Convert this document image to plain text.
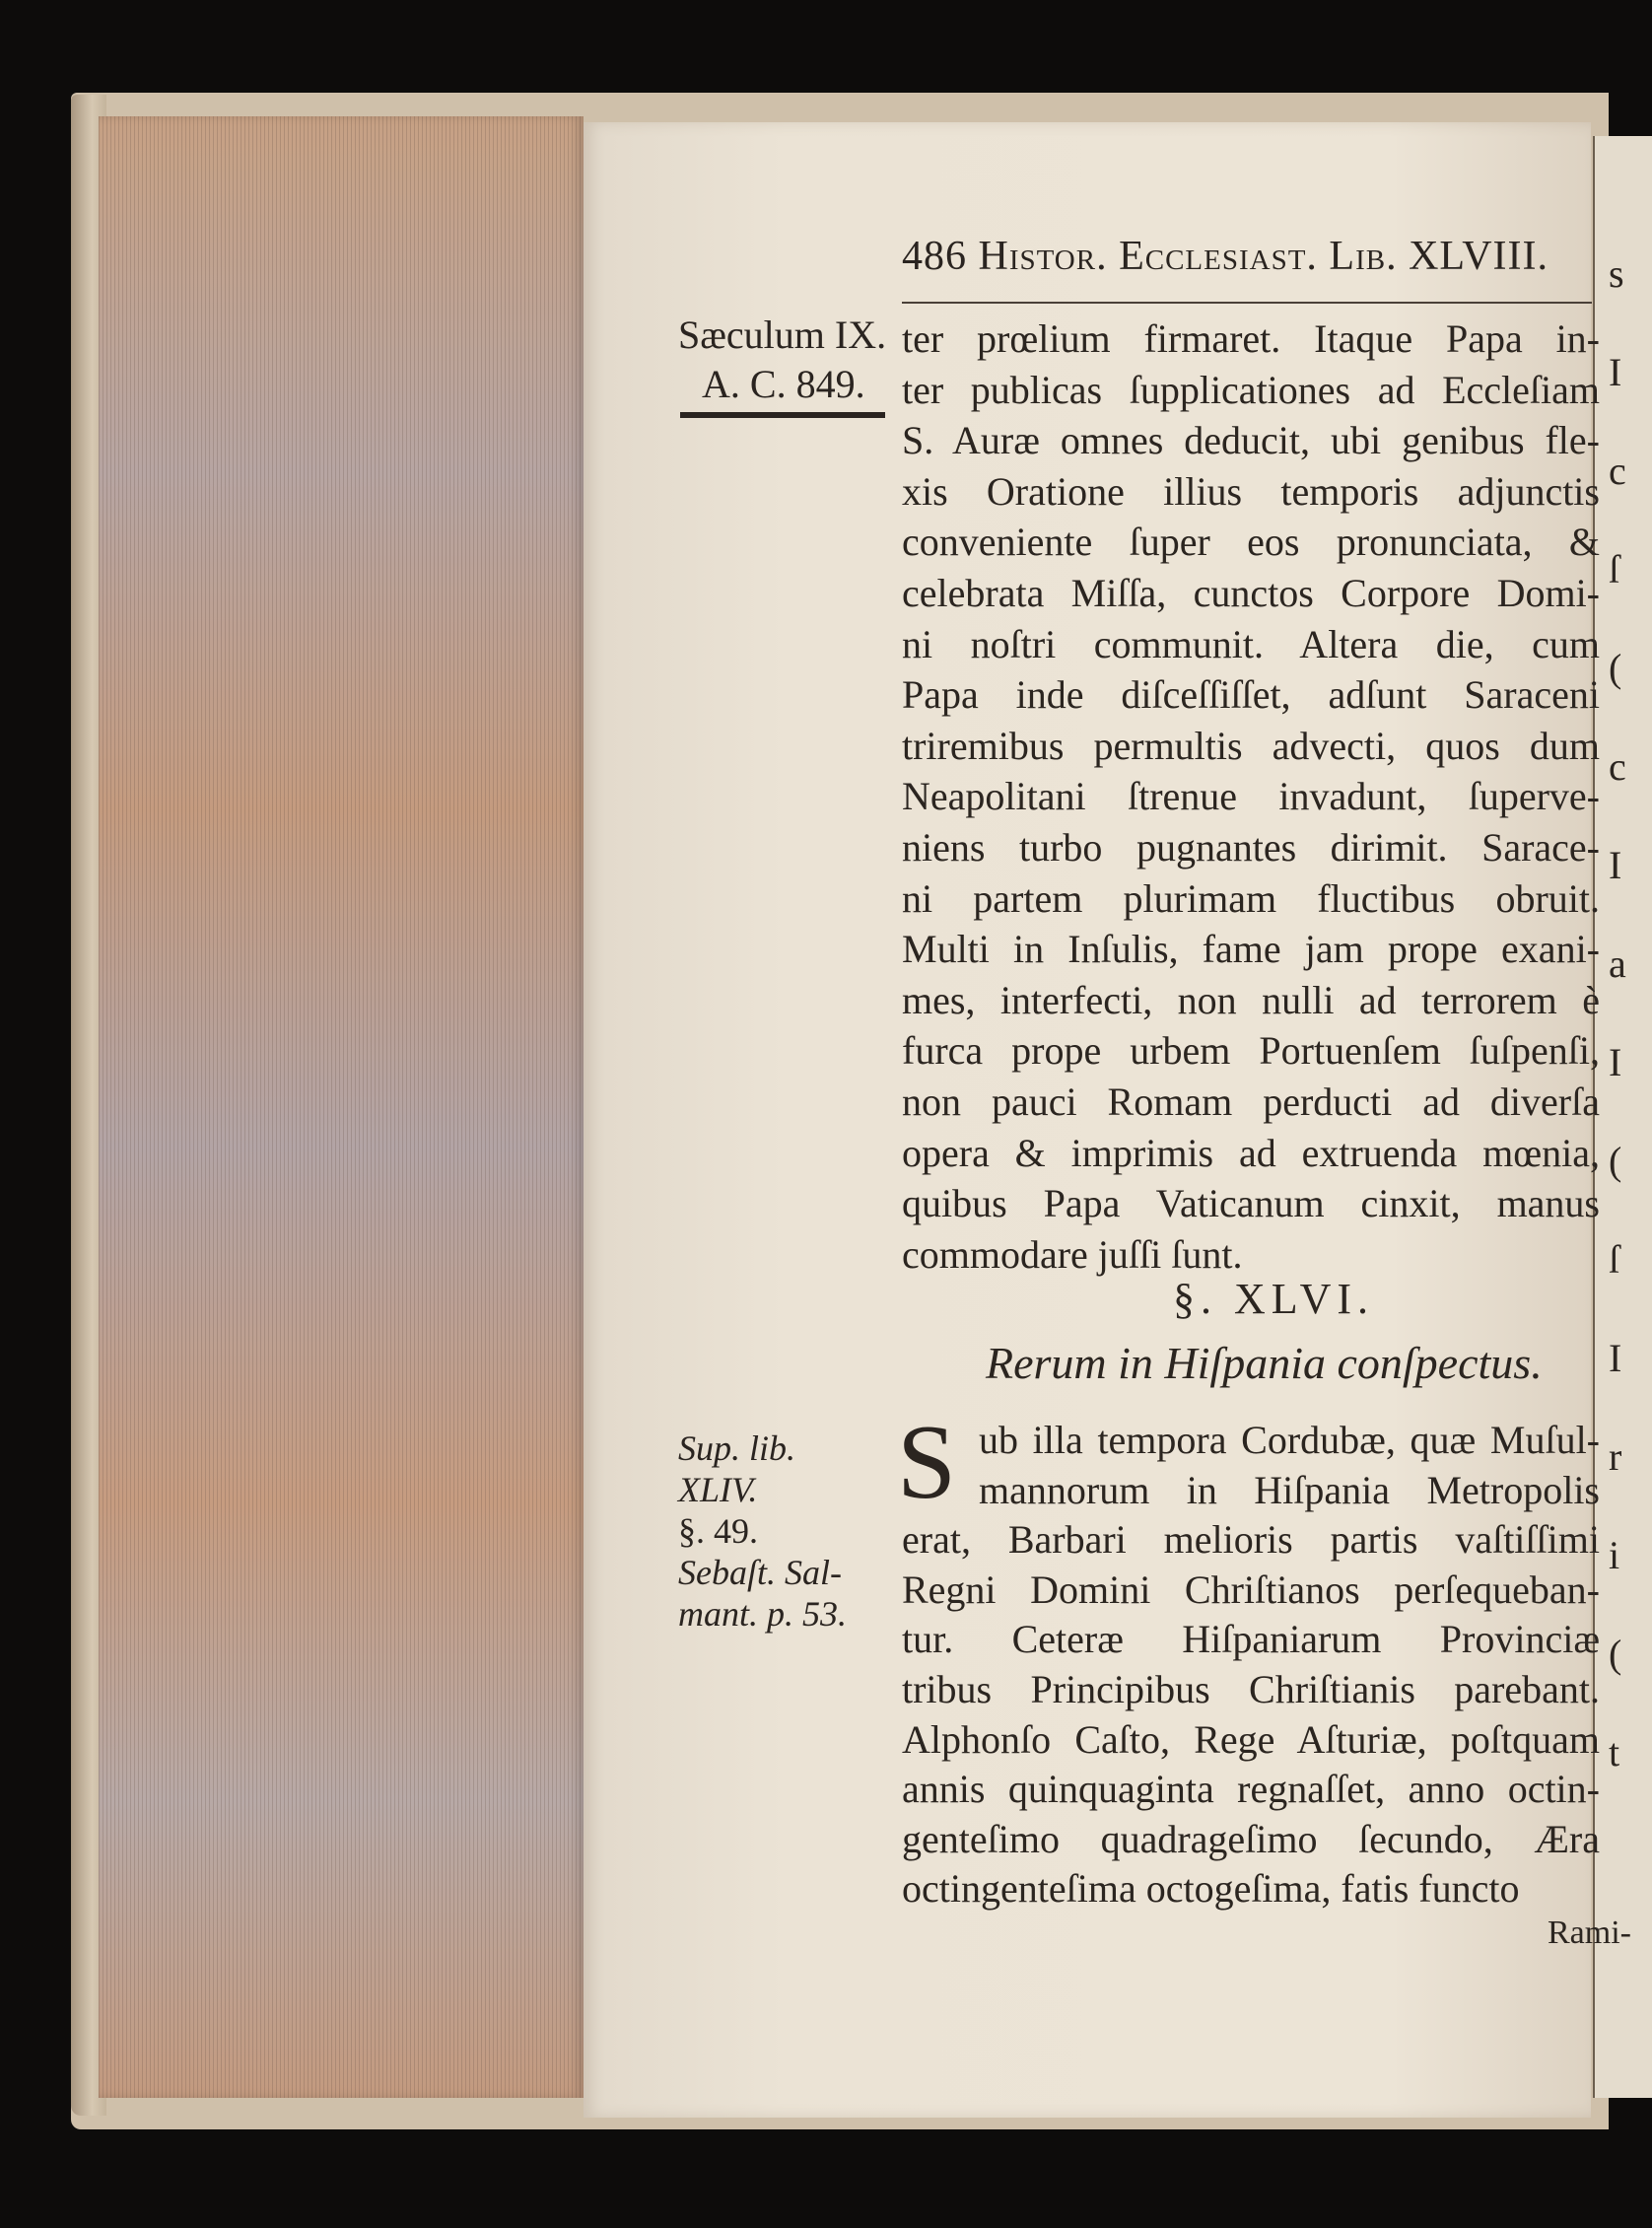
s
I
c
ſ
(
c
I
a
I
(
ſ
I
r
i
(
t
486 Histor. Ecclesiast. Lib. XLVIII.
Sæculum IX.
A. C. 849.
ter prœlium firmaret. Itaque Papa in-
ter publicas ſupplicationes ad Eccleſiam
S. Auræ omnes deducit, ubi genibus fle-
xis Oratione illius temporis adjunctis
conveniente ſuper eos pronunciata, &
celebrata Miſſa, cunctos Corpore Domi-
ni noſtri communit. Altera die, cum
Papa inde diſceſſiſſet, adſunt Saraceni
triremibus permultis advecti, quos dum
Neapolitani ſtrenue invadunt, ſuperve-
niens turbo pugnantes dirimit. Sarace-
ni partem plurimam fluctibus obruit.
Multi in Inſulis, fame jam prope exani-
mes, interfecti, non nulli ad terrorem è
furca prope urbem Portuenſem ſuſpenſi,
non pauci Romam perducti ad diverſa
opera & imprimis ad extruenda mœnia,
quibus Papa Vaticanum cinxit, manus
commodare juſſi ſunt.
§. XLVI.
Rerum in Hiſpania conſpectus.
Sup. lib.
XLIV.
§. 49.
Sebaſt. Sal-
mant. p. 53.
S ub illa tempora Cordubæ, quæ Muſul-
mannorum in Hiſpania Metropolis
erat, Barbari melioris partis vaſtiſſimi
Regni Domini Chriſtianos perſequeban-
tur. Ceteræ Hiſpaniarum Provinciæ
tribus Principibus Chriſtianis parebant.
Alphonſo Caſto, Rege Aſturiæ, poſtquam
annis quinquaginta regnaſſet, anno octin-
genteſimo quadrageſimo ſecundo, Æra
octingenteſima octogeſima, fatis functo
Rami-
